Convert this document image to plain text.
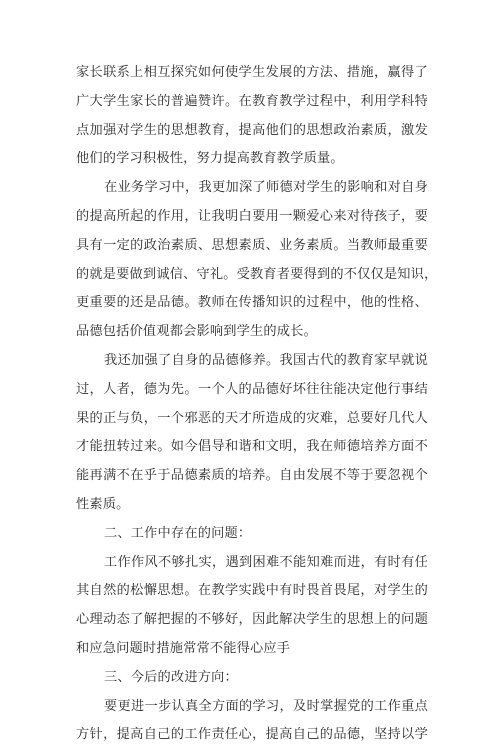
家长联系上相互探究如何使学生发展的方法、措施，赢得了
广大学生家长的普遍赞许。在教育教学过程中，利用学科特
点加强对学生的思想教育，提高他们的思想政治素质，激发
他们的学习积极性，努力提高教育教学质量。
在业务学习中，我更加深了师德对学生的影响和对自身
的提高所起的作用，让我明白要用一颗爱心来对待孩子，要
具有一定的政治素质、思想素质、业务素质。当教师最重要
的就是要做到诚信、守礼。受教育者要得到的不仅仅是知识，
更重要的还是品德。教师在传播知识的过程中，他的性格、
品德包括价值观都会影响到学生的成长。
我还加强了自身的品德修养。我国古代的教育家早就说
过，人者，德为先。一个人的品德好坏往往能决定他行事结
果的正与负，一个邪恶的天才所造成的灾难，总要好几代人
才能扭转过来。如今倡导和谐和文明，我在师德培养方面不
能再满不在乎于品德素质的培养。自由发展不等于要忽视个
性素质。
二、工作中存在的问题：
工作作风不够扎实，遇到困难不能知难而进，有时有任
其自然的松懈思想。在教学实践中有时畏首畏尾，对学生的
心理动态了解把握的不够好，因此解决学生的思想上的问题
和应急问题时措施常常不能得心应手
三、今后的改进方向：
要更进一步认真全方面的学习，及时掌握党的工作重点
方针，提高自己的工作责任心，提高自己的品德，坚持以学
